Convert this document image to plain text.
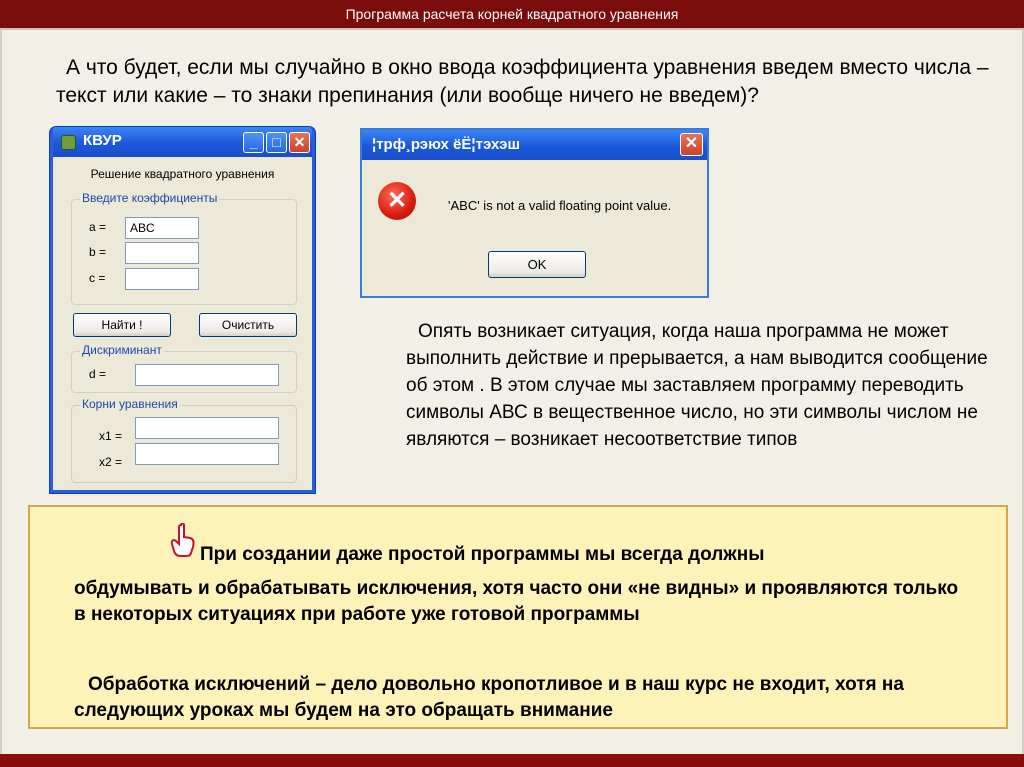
Программа расчета корней квадратного уравнения
А что будет, если мы случайно в окно ввода коэффициента уравнения введем вместо числа – текст или какие – то знаки препинания (или вообще ничего не введем)?
КВУР	_	□ ✕
Решение квадратного уравнения
Введите коэффициенты
a =	ABC
b =
c =
Найти !	Очистить
Дискриминант
d =
Корни уравнения
x1 =
x2 =
¦трф¸рэюх ёЁ¦тэхэш	✕
✕	'ABC' is not a valid floating point value.
OK
Опять возникает ситуация, когда наша программа не может выполнить действие и прерывается, а нам выводится сообщение об этом . В этом случае мы заставляем программу переводить символы АВС в вещественное число, но эти символы числом не являются – возникает несоответствие типов

При создании даже простой программы мы всегда должны

обдумывать и обрабатывать исключения, хотя часто они «не видны» и проявляются только в некоторых ситуациях при работе уже готовой программы

Обработка исключений – дело довольно кропотливое и в наш курс не входит, хотя на следующих уроках мы будем на это обращать внимание
